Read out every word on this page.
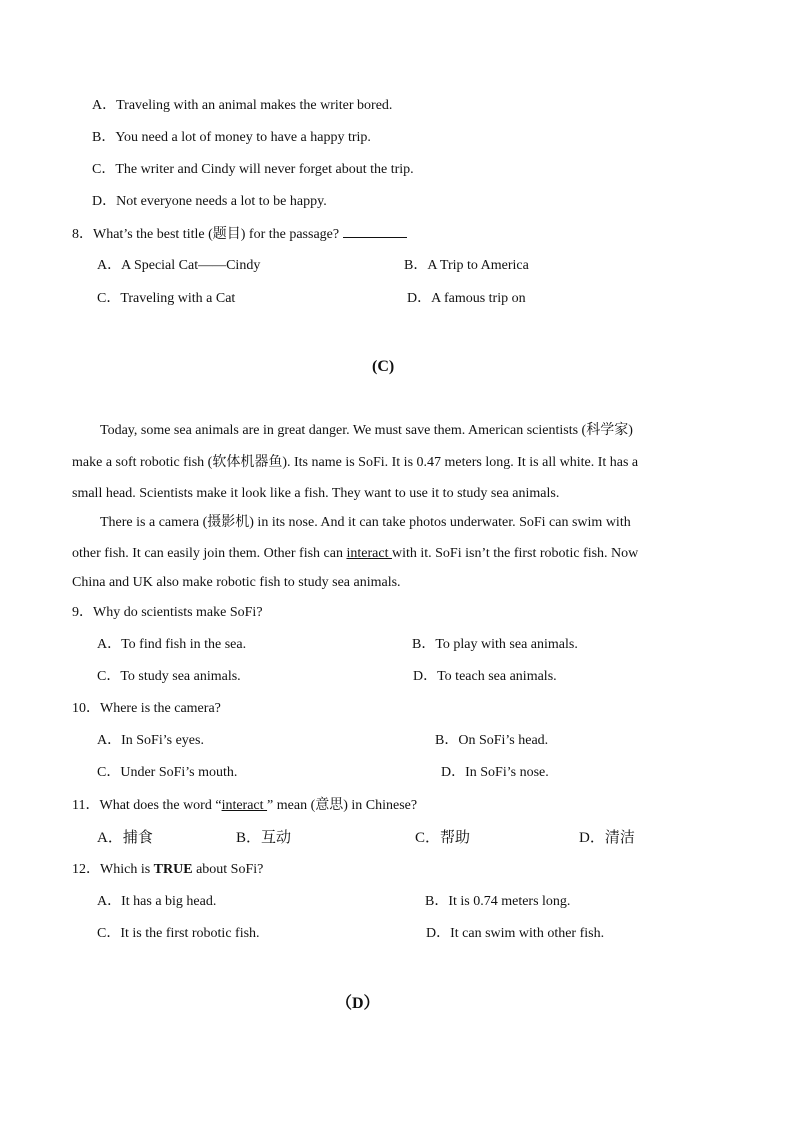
A．Traveling with an animal makes the writer bored.
B．You need a lot of money to have a happy trip.
C．The writer and Cindy will never forget about the trip.
D．Not everyone needs a lot to be happy.
8．What’s the best title (题目) for the passage?
A．A Special Cat——Cindy	B．A Trip to America
C．Traveling with a Cat	D．A famous trip on
(C)
Today, some sea animals are in great danger. We must save them. American scientists (科学家)
make a soft robotic fish (软体机器鱼). Its name is SoFi. It is 0.47 meters long. It is all white. It has a
small head. Scientists make it look like a fish. They want to use it to study sea animals.
There is a camera (摄影机) in its nose. And it can take photos underwater. SoFi can swim with
other fish. It can easily join them. Other fish can interact with it. SoFi isn’t the first robotic fish. Now
China and UK also make robotic fish to study sea animals.
9．Why do scientists make SoFi?
A．To find fish in the sea.	B．To play with sea animals.
C．To study sea animals.	D．To teach sea animals.
10．Where is the camera?
A．In SoFi’s eyes.	B．On SoFi’s head.
C．Under SoFi’s mouth.	D．In SoFi’s nose.
11．What does the word “interact ” mean (意思) in Chinese?
A．捕食	B．互动	C．帮助	D．清洁
12．Which is TRUE about SoFi?
A．It has a big head.	B．It is 0.74 meters long.
C．It is the first robotic fish.	D．It can swim with other fish.
（D）
